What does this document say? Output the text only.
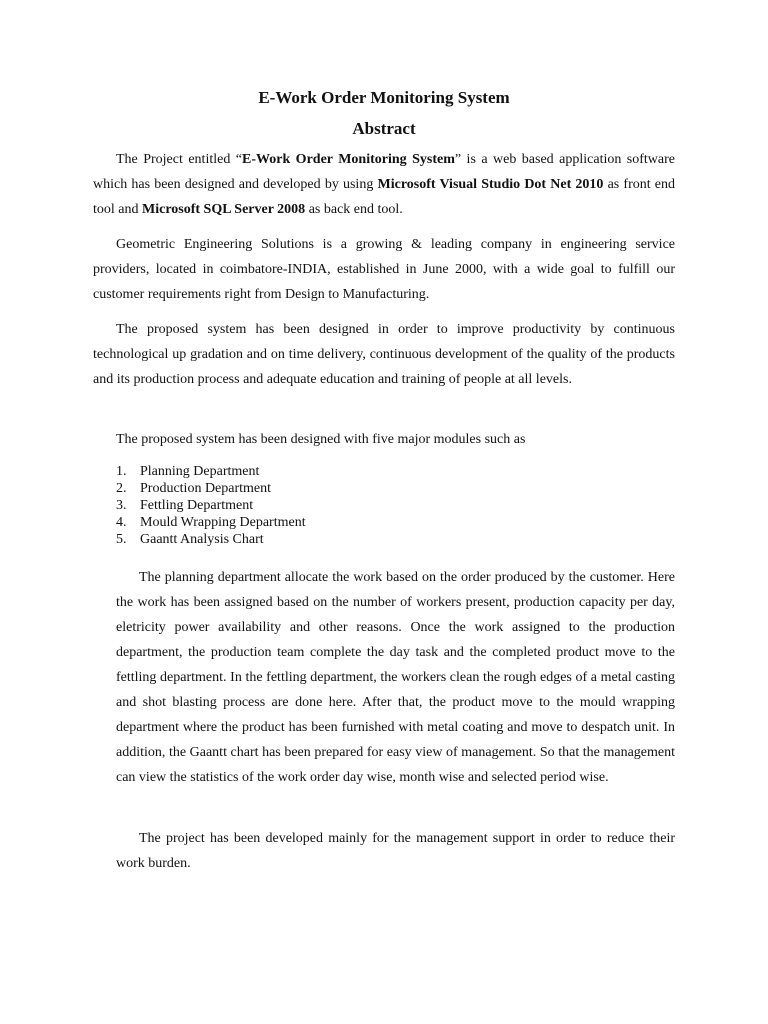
E-Work Order Monitoring System
Abstract

The Project entitled “E-Work Order Monitoring System” is a web based application software which has been designed and developed by using Microsoft Visual Studio Dot Net 2010 as front end tool and Microsoft SQL Server 2008 as back end tool.

Geometric Engineering Solutions is a growing & leading company in engineering service providers, located in coimbatore-INDIA, established in June 2000, with a wide goal to fulfill our customer requirements right from Design to Manufacturing.

The proposed system has been designed in order to improve productivity by continuous technological up gradation and on time delivery, continuous development of the quality of the products and its production process and adequate education and training of people at all levels.

The proposed system has been designed with five major modules such as

1. Planning Department
2. Production Department
3. Fettling Department
4. Mould Wrapping Department
5. Gaantt Analysis Chart

The planning department allocate the work based on the order produced by the customer. Here the work has been assigned based on the number of workers present, production capacity per day, eletricity power availability and other reasons. Once the work assigned to the production department, the production team complete the day task and the completed product move to the fettling department. In the fettling department, the workers clean the rough edges of a metal casting and shot blasting process are done here. After that, the product move to the mould wrapping department where the product has been furnished with metal coating and move to despatch unit. In addition, the Gaantt chart has been prepared for easy view of management. So that the management can view the statistics of the work order day wise, month wise and selected period wise.

The project has been developed mainly for the management support in order to reduce their work burden.
